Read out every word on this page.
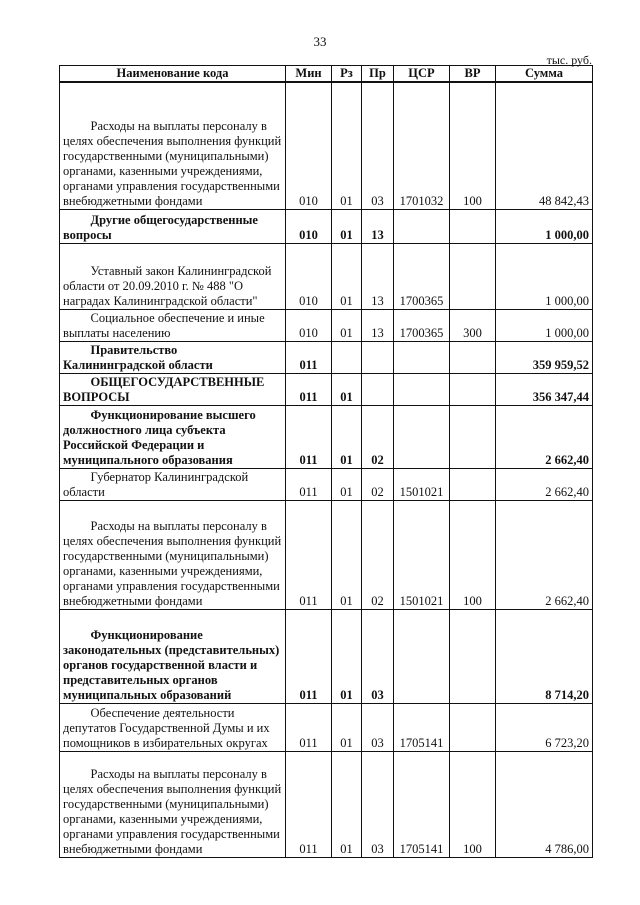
33
тыс. руб.
Наименование кода	Мин	Рз	Пр	ЦСР	ВР	Сумма
Расходы на выплаты персоналу в целях обеспечения выполнения функций государственными (муниципальными) органами, казенными учреждениями, органами управления государственными внебюджетными фондами	010	01	03	1701032	100	48 842,43
Другие общегосударственные вопросы	010	01	13			1 000,00
Уставный закон Калининградской области от 20.09.2010 г. № 488 "О наградах Калининградской области"	010	01	13	1700365		1 000,00
Социальное обеспечение и иные выплаты населению	010	01	13	1700365	300	1 000,00
Правительство Калининградской области	011					359 959,52
ОБЩЕГОСУДАРСТВЕННЫЕ ВОПРОСЫ	011	01				356 347,44
Функционирование высшего должностного лица субъекта Российской Федерации и муниципального образования	011	01	02			2 662,40
Губернатор Калининградской области	011	01	02	1501021		2 662,40
Расходы на выплаты персоналу в целях обеспечения выполнения функций государственными (муниципальными) органами, казенными учреждениями, органами управления государственными внебюджетными фондами	011	01	02	1501021	100	2 662,40
Функционирование законодательных (представительных) органов государственной власти и представительных органов муниципальных образований	011	01	03			8 714,20
Обеспечение деятельности депутатов Государственной Думы и их помощников в избирательных округах	011	01	03	1705141		6 723,20
Расходы на выплаты персоналу в целях обеспечения выполнения функций государственными (муниципальными) органами, казенными учреждениями, органами управления государственными внебюджетными фондами	011	01	03	1705141	100	4 786,00
